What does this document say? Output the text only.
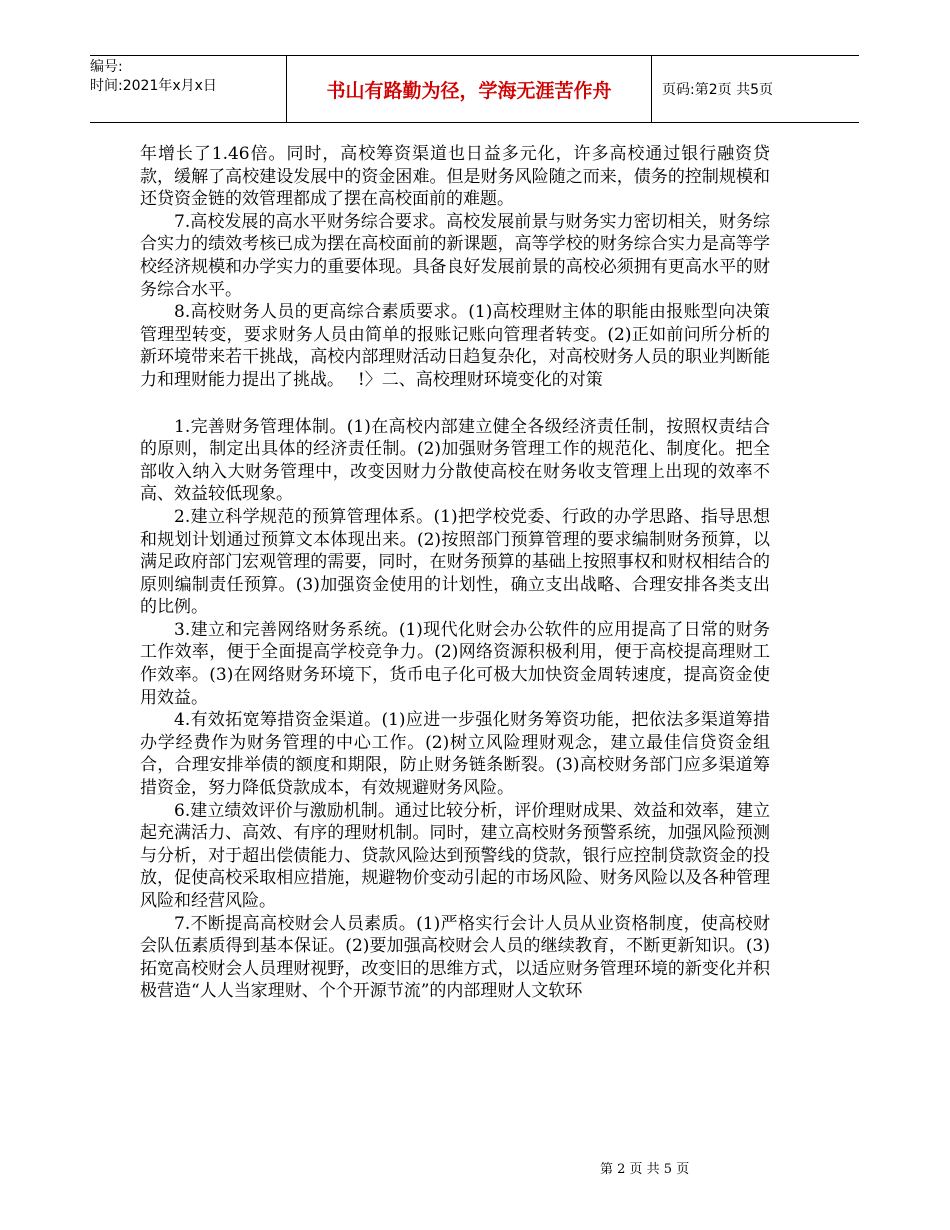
编号:
时间:2021年x月x日	书山有路勤为径，学海无涯苦作舟	页码:第2页 共5页

年增长了1.46倍。同时，高校筹资渠道也日益多元化，许多高校通过银行融资贷款，缓解了高校建设发展中的资金困难。但是财务风险随之而来，债务的控制规模和还贷资金链的效管理都成了摆在高校面前的难题。

7.高校发展的高水平财务综合要求。高校发展前景与财务实力密切相关，财务综合实力的绩效考核已成为摆在高校面前的新课题，高等学校的财务综合实力是高等学校经济规模和办学实力的重要体现。具备良好发展前景的高校必须拥有更高水平的财务综合水平。

8.高校财务人员的更高综合素质要求。(1)高校理财主体的职能由报账型向决策管理型转变，要求财务人员由简单的报账记账向管理者转变。(2)正如前问所分析的新环境带来若干挑战，高校内部理财活动日趋复杂化，对高校财务人员的职业判断能力和理财能力提出了挑战。　 !〉二、高校理财环境变化的对策

1.完善财务管理体制。(1)在高校内部建立健全各级经济责任制，按照权责结合的原则，制定出具体的经济责任制。(2)加强财务管理工作的规范化、制度化。把全部收入纳入大财务管理中，改变因财力分散使高校在财务收支管理上出现的效率不高、效益较低现象。

2.建立科学规范的预算管理体系。(1)把学校党委、行政的办学思路、指导思想和规划计划通过预算文本体现出来。(2)按照部门预算管理的要求编制财务预算，以满足政府部门宏观管理的需要，同时，在财务预算的基础上按照事权和财权相结合的原则编制责任预算。(3)加强资金使用的计划性，确立支出战略、合理安排各类支出的比例。

3.建立和完善网络财务系统。(1)现代化财会办公软件的应用提高了日常的财务工作效率，便于全面提高学校竞争力。(2)网络资源积极利用，便于高校提高理财工作效率。(3)在网络财务环境下，货币电子化可极大加快资金周转速度，提高资金使用效益。

4.有效拓宽筹措资金渠道。(1)应进一步强化财务筹资功能，把依法多渠道筹措办学经费作为财务管理的中心工作。(2)树立风险理财观念，建立最佳信贷资金组合，合理安排举债的额度和期限，防止财务链条断裂。(3)高校财务部门应多渠道筹措资金，努力降低贷款成本，有效规避财务风险。

6.建立绩效评价与激励机制。通过比较分析，评价理财成果、效益和效率，建立起充满活力、高效、有序的理财机制。同时，建立高校财务预警系统，加强风险预测与分析，对于超出偿债能力、贷款风险达到预警线的贷款，银行应控制贷款资金的投放，促使高校采取相应措施，规避物价变动引起的市场风险、财务风险以及各种管理风险和经营风险。

7.不断提高高校财会人员素质。(1)严格实行会计人员从业资格制度，使高校财会队伍素质得到基本保证。(2)要加强高校财会人员的继续教育，不断更新知识。(3)拓宽高校财会人员理财视野，改变旧的思维方式，以适应财务管理环境的新变化并积极营造“人人当家理财、个个开源节流”的内部理财人文软环

第 2 页 共 5 页
